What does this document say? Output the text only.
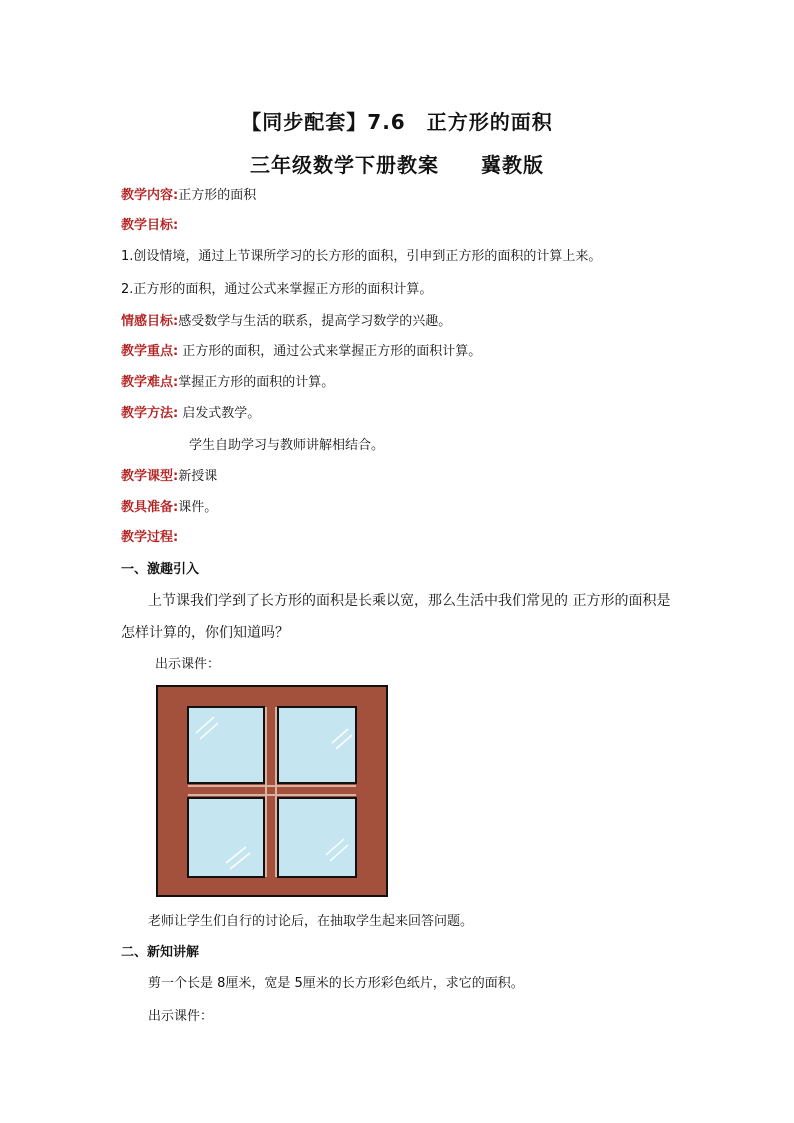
【同步配套】7.6　正方形的面积
三年级数学下册教案　　冀教版
教学内容:正方形的面积
教学目标:
1.创设情境，通过上节课所学习的长方形的面积，引申到正方形的面积的计算上来。
2.正方形的面积，通过公式来掌握正方形的面积计算。
情感目标:感受数学与生活的联系，提高学习数学的兴趣。
教学重点: 正方形的面积，通过公式来掌握正方形的面积计算。
教学难点:掌握正方形的面积的计算。
教学方法: 启发式教学。
学生自助学习与教师讲解相结合。
教学课型:新授课
教具准备:课件。
教学过程:
一、激趣引入
上节课我们学到了长方形的面积是长乘以宽，那么生活中我们常见的 正方形的面积是
怎样计算的，你们知道吗？
出示课件：
老师让学生们自行的讨论后，在抽取学生起来回答问题。
二、新知讲解
剪一个长是 8厘米，宽是 5厘米的长方形彩色纸片，求它的面积。
出示课件：
